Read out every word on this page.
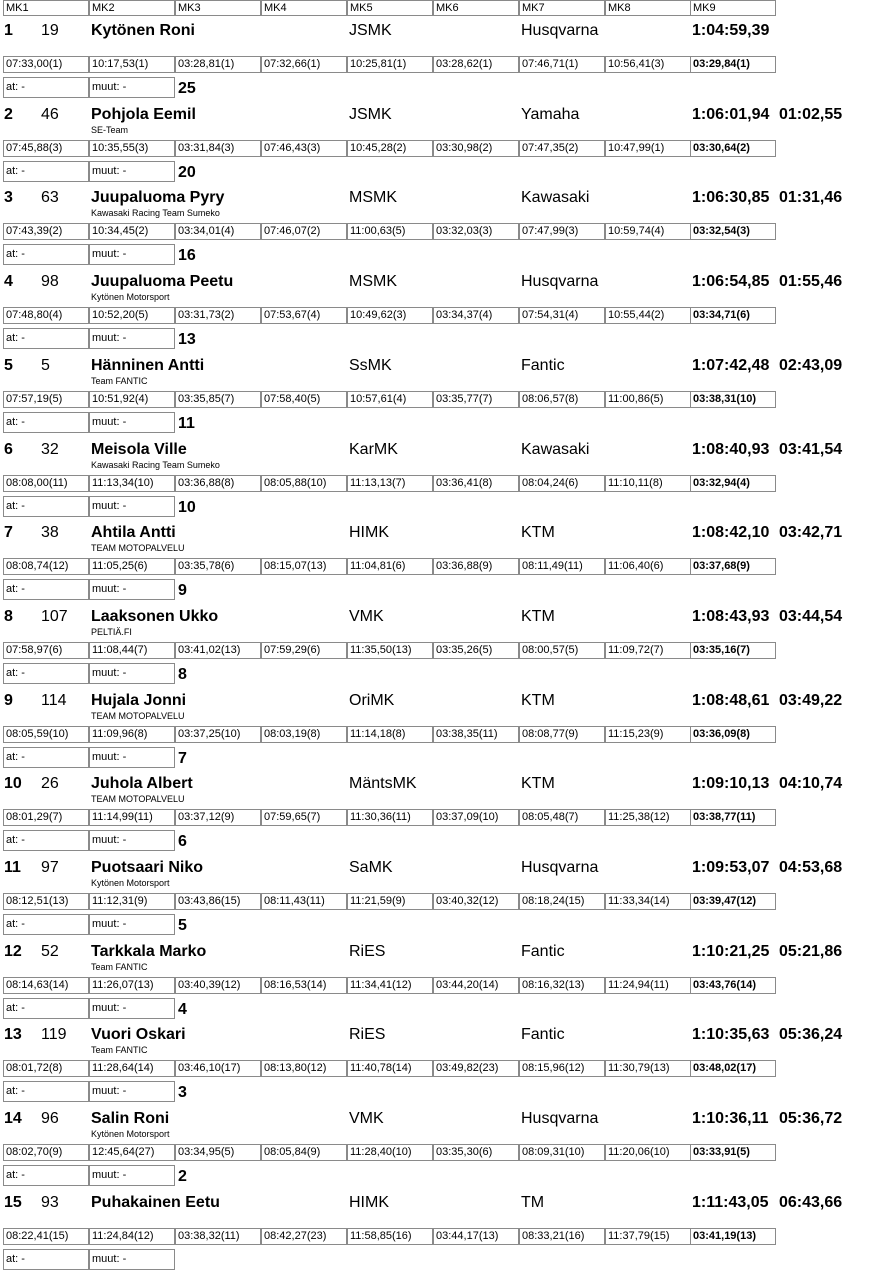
MK1	MK2	MK3	MK4	MK5	MK6	MK7	MK8	MK9
1 19 Kytönen Roni	JSMK	Husqvarna	1:04:59,39
07:33,00(1)	10:17,53(1)	03:28,81(1)	07:32,66(1)	10:25,81(1)	03:28,62(1)	07:46,71(1)	10:56,41(3)	03:29,84(1)
at: -	muut: -	25
2 46 Pohjola Eemil
SE-Team
JSMK	Yamaha	1:06:01,94 01:02,55
07:45,88(3)	10:35,55(3)	03:31,84(3)	07:46,43(3)	10:45,28(2)	03:30,98(2)	07:47,35(2)	10:47,99(1)	03:30,64(2)
at: -	muut: -	20
3 63 Juupaluoma Pyry
Kawasaki Racing Team Sumeko
MSMK	Kawasaki	1:06:30,85 01:31,46
07:43,39(2)	10:34,45(2)	03:34,01(4)	07:46,07(2)	11:00,63(5)	03:32,03(3)	07:47,99(3)	10:59,74(4)	03:32,54(3)
at: -	muut: -	16
4 98 Juupaluoma Peetu
Kytönen Motorsport
MSMK	Husqvarna	1:06:54,85 01:55,46
07:48,80(4)	10:52,20(5)	03:31,73(2)	07:53,67(4)	10:49,62(3)	03:34,37(4)	07:54,31(4)	10:55,44(2)	03:34,71(6)
at: -	muut: -	13
5 5	Hänninen Antti
Team FANTIC
SsMK	Fantic	1:07:42,48 02:43,09
07:57,19(5)	10:51,92(4)	03:35,85(7)	07:58,40(5)	10:57,61(4)	03:35,77(7)	08:06,57(8)	11:00,86(5)	03:38,31(10)
at: -	muut: -	11
6 32 Meisola Ville
Kawasaki Racing Team Sumeko
KarMK	Kawasaki	1:08:40,93 03:41,54
08:08,00(11)	11:13,34(10)	03:36,88(8)	08:05,88(10)	11:13,13(7)	03:36,41(8)	08:04,24(6)	11:10,11(8)	03:32,94(4)
at: -	muut: -	10
7 38 Ahtila Antti
TEAM MOTOPALVELU
HIMK	KTM	1:08:42,10 03:42,71
08:08,74(12)	11:05,25(6)	03:35,78(6)	08:15,07(13)	11:04,81(6)	03:36,88(9)	08:11,49(11)	11:06,40(6)	03:37,68(9)
at: -	muut: -	9
8 107 Laaksonen Ukko
PELTIÄ.FI
VMK	KTM	1:08:43,93 03:44,54
07:58,97(6)	11:08,44(7)	03:41,02(13)	07:59,29(6)	11:35,50(13)	03:35,26(5)	08:00,57(5)	11:09,72(7)	03:35,16(7)
at: -	muut: -	8
9 114 Hujala Jonni
TEAM MOTOPALVELU
OriMK	KTM	1:08:48,61 03:49,22
08:05,59(10)	11:09,96(8)	03:37,25(10)	08:03,19(8)	11:14,18(8)	03:38,35(11)	08:08,77(9)	11:15,23(9)	03:36,09(8)
at: -	muut: -	7
10 26 Juhola Albert
TEAM MOTOPALVELU
MäntsMK	KTM	1:09:10,13 04:10,74
08:01,29(7)	11:14,99(11)	03:37,12(9)	07:59,65(7)	11:30,36(11)	03:37,09(10)	08:05,48(7)	11:25,38(12)	03:38,77(11)
at: -	muut: -	6
11 97 Puotsaari Niko
Kytönen Motorsport
SaMK	Husqvarna	1:09:53,07 04:53,68
08:12,51(13)	11:12,31(9)	03:43,86(15)	08:11,43(11)	11:21,59(9)	03:40,32(12)	08:18,24(15)	11:33,34(14)	03:39,47(12)
at: -	muut: -	5
12 52 Tarkkala Marko
Team FANTIC
RiES	Fantic	1:10:21,25 05:21,86
08:14,63(14)	11:26,07(13)	03:40,39(12)	08:16,53(14)	11:34,41(12)	03:44,20(14)	08:16,32(13)	11:24,94(11)	03:43,76(14)
at: -	muut: -	4
13 119 Vuori Oskari
Team FANTIC
RiES	Fantic	1:10:35,63 05:36,24
08:01,72(8)	11:28,64(14)	03:46,10(17)	08:13,80(12)	11:40,78(14)	03:49,82(23)	08:15,96(12)	11:30,79(13)	03:48,02(17)
at: -	muut: -	3
14 96 Salin Roni
Kytönen Motorsport
VMK	Husqvarna	1:10:36,11 05:36,72
08:02,70(9)	12:45,64(27)	03:34,95(5)	08:05,84(9)	11:28,40(10)	03:35,30(6)	08:09,31(10)	11:20,06(10)	03:33,91(5)
at: -	muut: -	2
15 93 Puhakainen Eetu	HIMK	TM	1:11:43,05 06:43,66
08:22,41(15)	11:24,84(12)	03:38,32(11)	08:42,27(23)	11:58,85(16)	03:44,17(13)	08:33,21(16)	11:37,79(15)	03:41,19(13)
at: -	muut: -
